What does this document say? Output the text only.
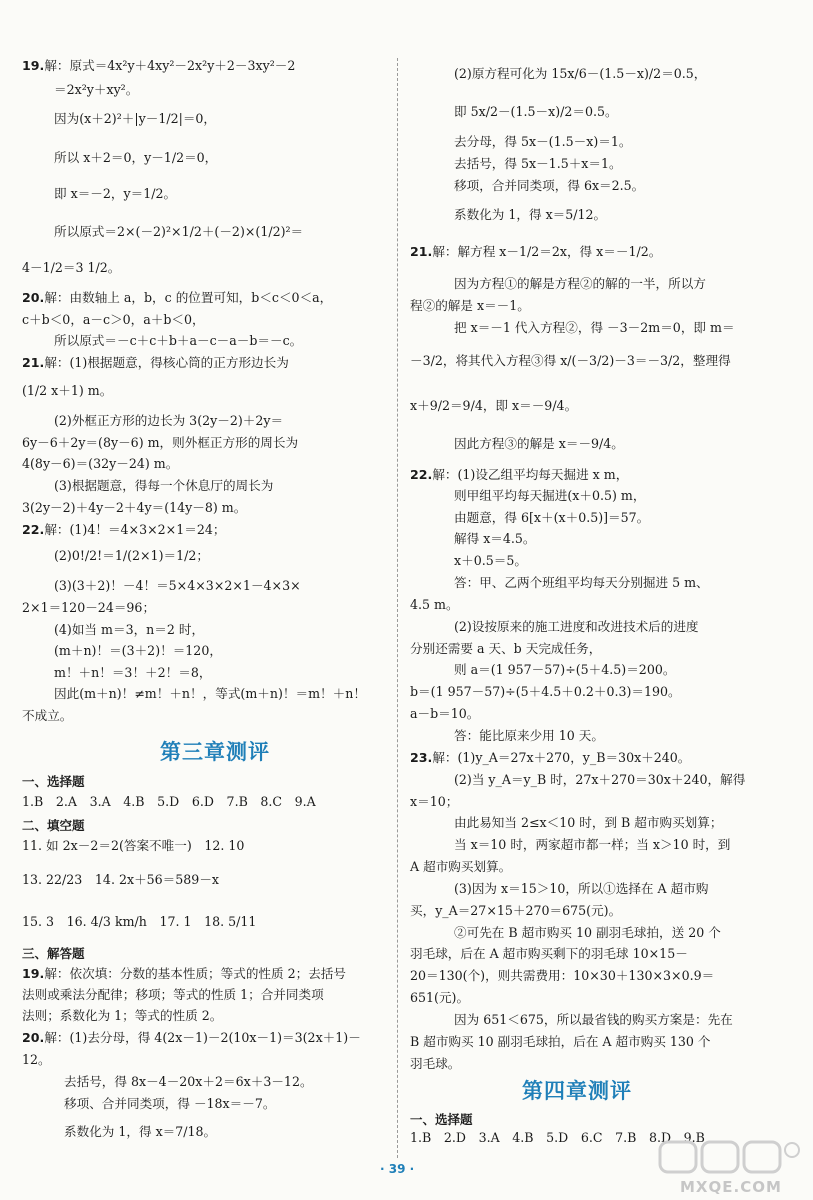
19.解：原式＝4x²y＋4xy²－2x²y＋2－3xy²－2
＝2x²y＋xy²。
因为(x＋2)²＋|y－1/2|＝0，
所以 x＋2＝0，y－1/2＝0，
即 x＝－2，y＝1/2。
所以原式＝2×(－2)²×1/2＋(－2)×(1/2)²＝
4－1/2＝3 1/2。
20.解：由数轴上 a，b，c 的位置可知，b＜c＜0＜a，
c＋b＜0，a－c＞0，a＋b＜0，
所以原式＝－c＋c＋b＋a－c－a－b＝－c。
21.解：(1)根据题意，得核心筒的正方形边长为
(1/2 x＋1) m。
(2)外框正方形的边长为 3(2y－2)＋2y＝
6y－6＋2y＝(8y－6) m，则外框正方形的周长为
4(8y－6)＝(32y－24) m。
(3)根据题意，得每一个休息厅的周长为
3(2y－2)＋4y－2＋4y＝(14y－8) m。
22.解：(1)4！＝4×3×2×1＝24；
(2)0!/2!＝1/(2×1)＝1/2；
(3)(3＋2)！－4！＝5×4×3×2×1－4×3×
2×1＝120－24＝96；
(4)如当 m＝3，n＝2 时，
(m＋n)！＝(3＋2)！＝120，
m！＋n！＝3！＋2！＝8，
因此(m＋n)！≠m！＋n！，等式(m＋n)！＝m！＋n！
不成立。
第三章测评
一、选择题
1.B　2.A　3.A　4.B　5.D　6.D　7.B　8.C　9.A
二、填空题
11. 如 2x－2＝2(答案不唯一)　12. 10
13. 22/23　14. 2x＋56＝589－x
15. 3　16. 4/3 km/h　17. 1　18. 5/11
三、解答题
19.解：依次填：分数的基本性质；等式的性质 2；去括号
法则或乘法分配律；移项；等式的性质 1；合并同类项
法则；系数化为 1；等式的性质 2。
20.解：(1)去分母，得 4(2x－1)－2(10x－1)＝3(2x＋1)－
12。
去括号，得 8x－4－20x＋2＝6x＋3－12。
移项、合并同类项，得 －18x＝－7。
系数化为 1，得 x＝7/18。
(2)原方程可化为 15x/6－(1.5－x)/2＝0.5，
即 5x/2－(1.5－x)/2＝0.5。
去分母，得 5x－(1.5－x)＝1。
去括号，得 5x－1.5＋x＝1。
移项，合并同类项，得 6x＝2.5。
系数化为 1，得 x＝5/12。
21.解：解方程 x－1/2＝2x，得 x＝－1/2。
因为方程①的解是方程②的解的一半，所以方
程②的解是 x＝－1。
把 x＝－1 代入方程②，得 －3－2m＝0，即 m＝
－3/2，将其代入方程③得 x/(－3/2)－3＝－3/2，整理得
x＋9/2＝9/4，即 x＝－9/4。
因此方程③的解是 x＝－9/4。
22.解：(1)设乙组平均每天掘进 x m，
则甲组平均每天掘进(x＋0.5) m，
由题意，得 6[x＋(x＋0.5)]＝57。
解得 x＝4.5。
x＋0.5＝5。
答：甲、乙两个班组平均每天分别掘进 5 m、
4.5 m。
(2)设按原来的施工进度和改进技术后的进度
分别还需要 a 天、b 天完成任务，
则 a＝(1 957－57)÷(5＋4.5)＝200。
b＝(1 957－57)÷(5＋4.5＋0.2＋0.3)＝190。
a－b＝10。
答：能比原来少用 10 天。
23.解：(1)y_A＝27x＋270，y_B＝30x＋240。
(2)当 y_A＝y_B 时，27x＋270＝30x＋240，解得
x＝10；
由此易知当 2≤x＜10 时，到 B 超市购买划算；
当 x＝10 时，两家超市都一样；当 x＞10 时，到
A 超市购买划算。
(3)因为 x＝15＞10，所以①选择在 A 超市购
买，y_A＝27×15＋270＝675(元)。
②可先在 B 超市购买 10 副羽毛球拍，送 20 个
羽毛球，后在 A 超市购买剩下的羽毛球 10×15－
20＝130(个)，则共需费用：10×30＋130×3×0.9＝
651(元)。
因为 651＜675，所以最省钱的购买方案是：先在
B 超市购买 10 副羽毛球拍，后在 A 超市购买 130 个
羽毛球。
第四章测评
一、选择题
1.B　2.D　3.A　4.B　5.D　6.C　7.B　8.D　9.B
· 39 ·
MXQE.COM
